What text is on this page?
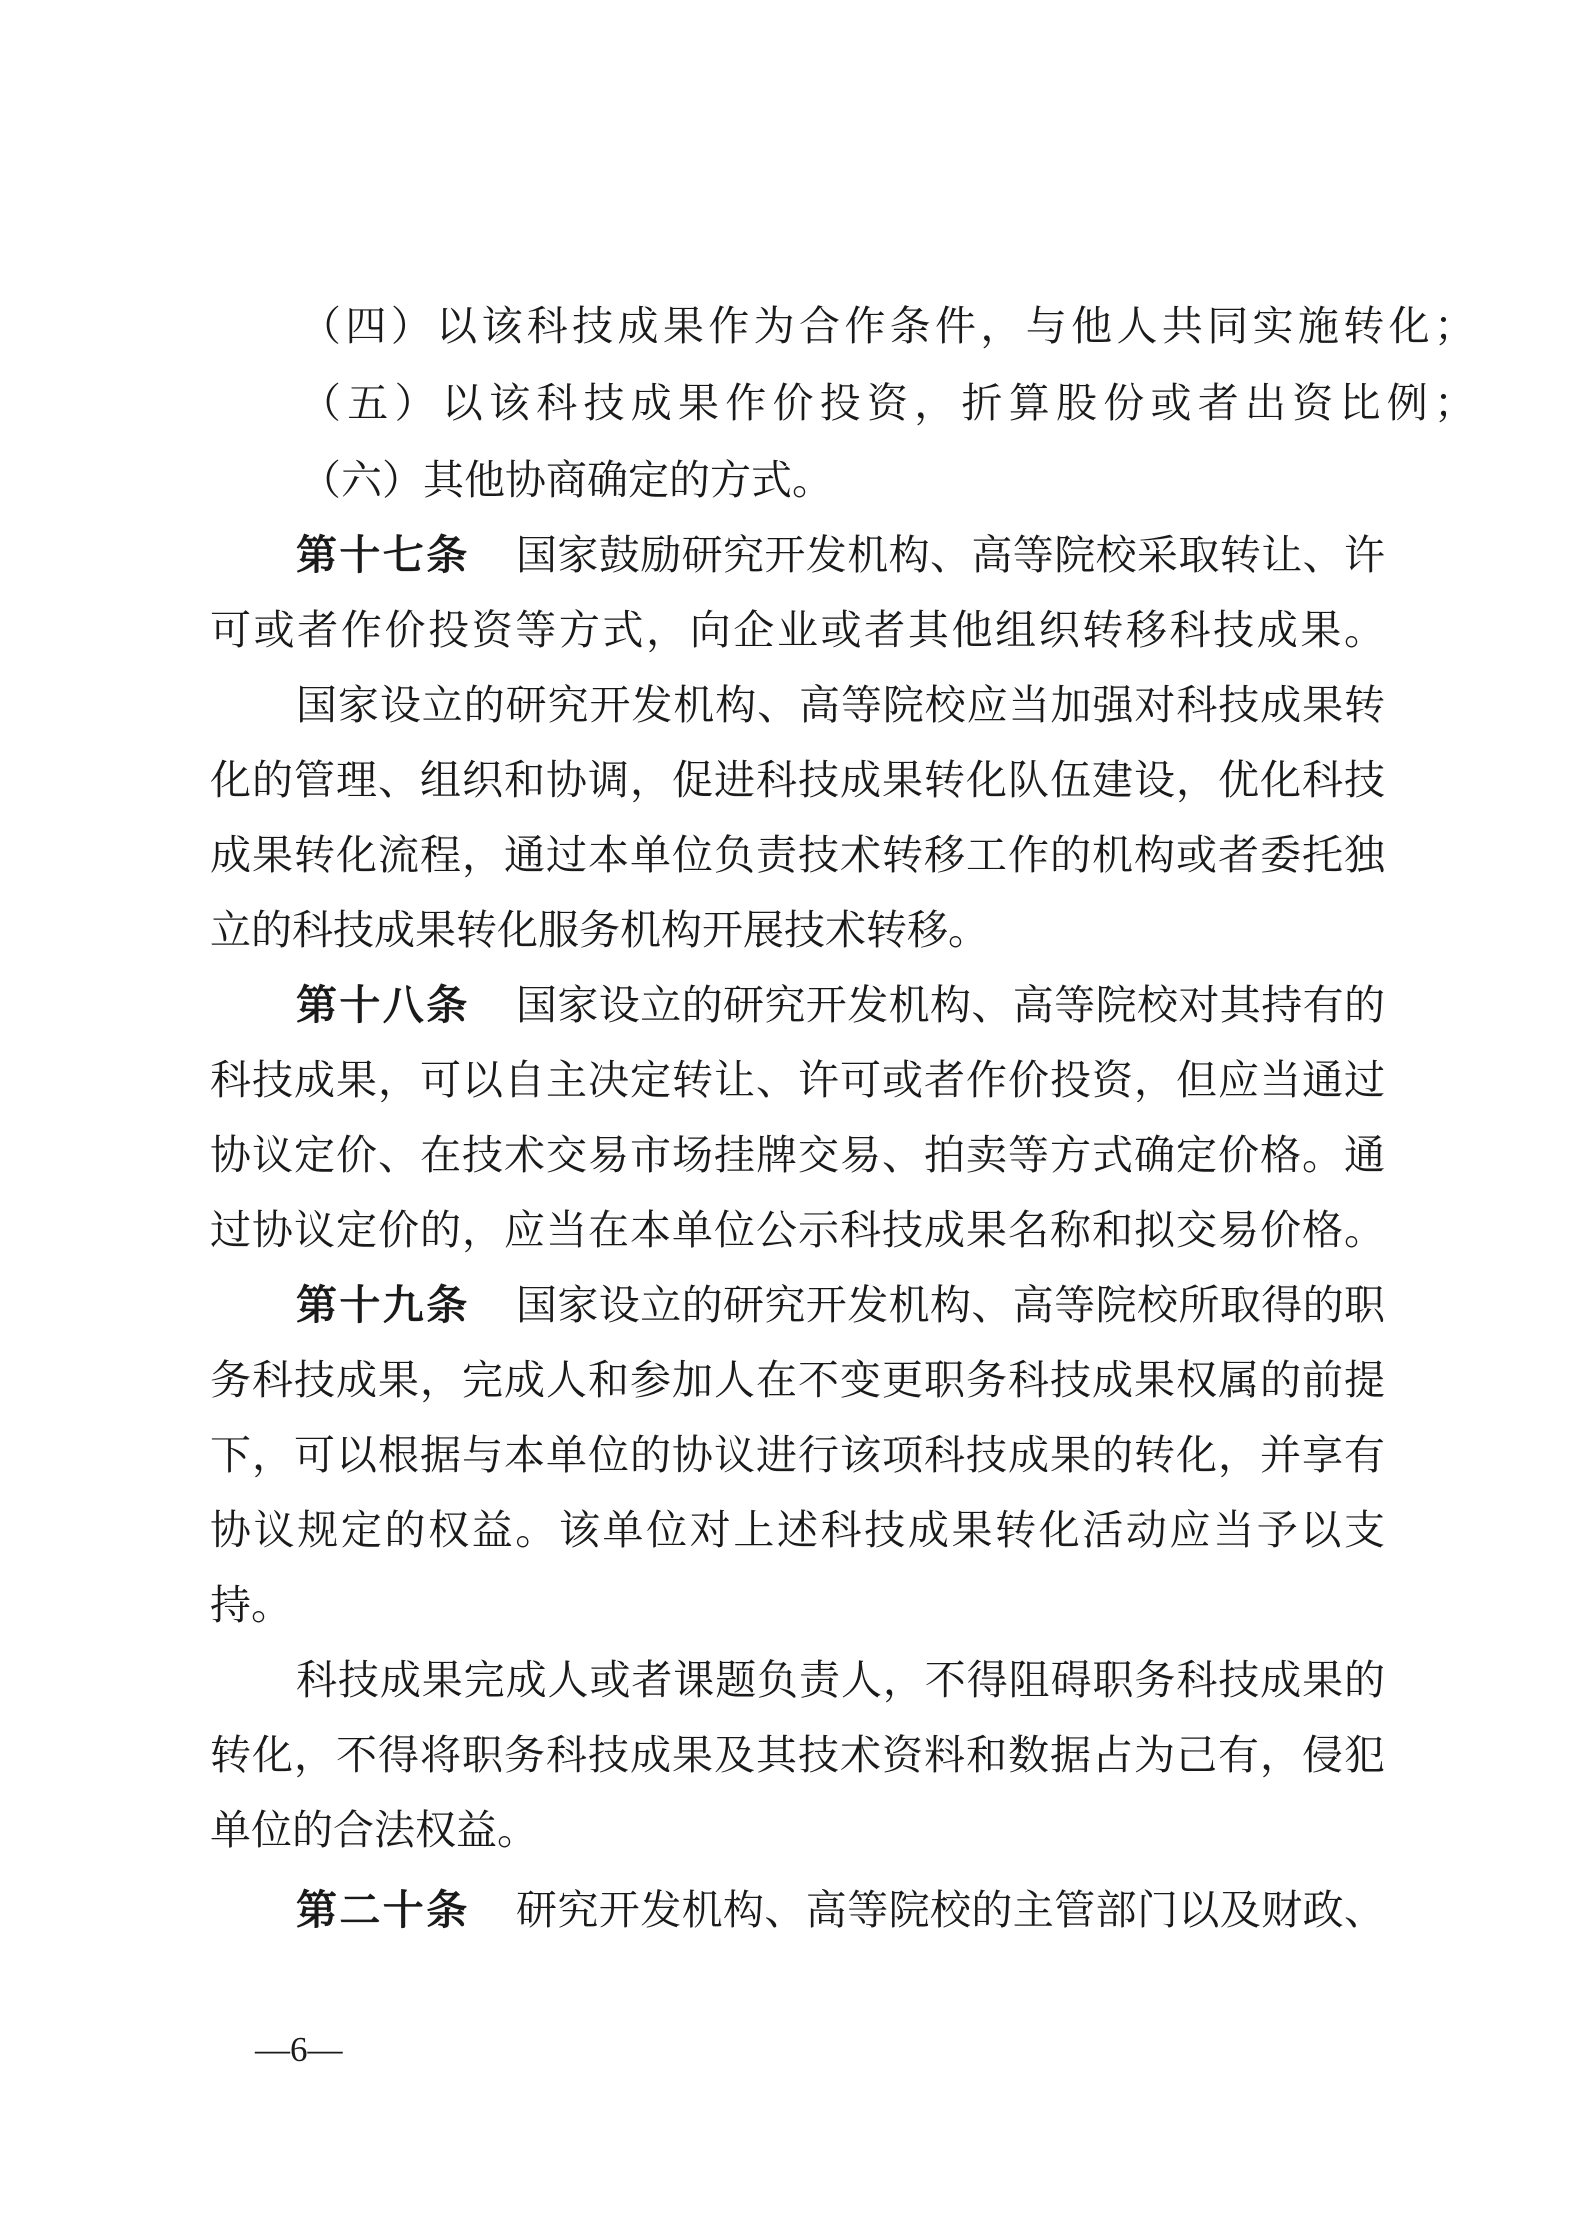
（四）以该科技成果作为合作条件，与他人共同实施转化；
（五）以该科技成果作价投资，折算股份或者出资比例；
（六）其他协商确定的方式。
第十七条 国家鼓励研究开发机构、高等院校采取转让、许
可或者作价投资等方式，向企业或者其他组织转移科技成果。
国家设立的研究开发机构、高等院校应当加强对科技成果转
化的管理、组织和协调，促进科技成果转化队伍建设，优化科技
成果转化流程，通过本单位负责技术转移工作的机构或者委托独
立的科技成果转化服务机构开展技术转移。
第十八条 国家设立的研究开发机构、高等院校对其持有的
科技成果，可以自主决定转让、许可或者作价投资，但应当通过
协议定价、在技术交易市场挂牌交易、拍卖等方式确定价格。通
过协议定价的，应当在本单位公示科技成果名称和拟交易价格。
第十九条 国家设立的研究开发机构、高等院校所取得的职
务科技成果，完成人和参加人在不变更职务科技成果权属的前提
下，可以根据与本单位的协议进行该项科技成果的转化，并享有
协议规定的权益。该单位对上述科技成果转化活动应当予以支
持。
科技成果完成人或者课题负责人，不得阻碍职务科技成果的
转化，不得将职务科技成果及其技术资料和数据占为己有，侵犯
单位的合法权益。
第二十条 研究开发机构、高等院校的主管部门以及财政、
—6—
